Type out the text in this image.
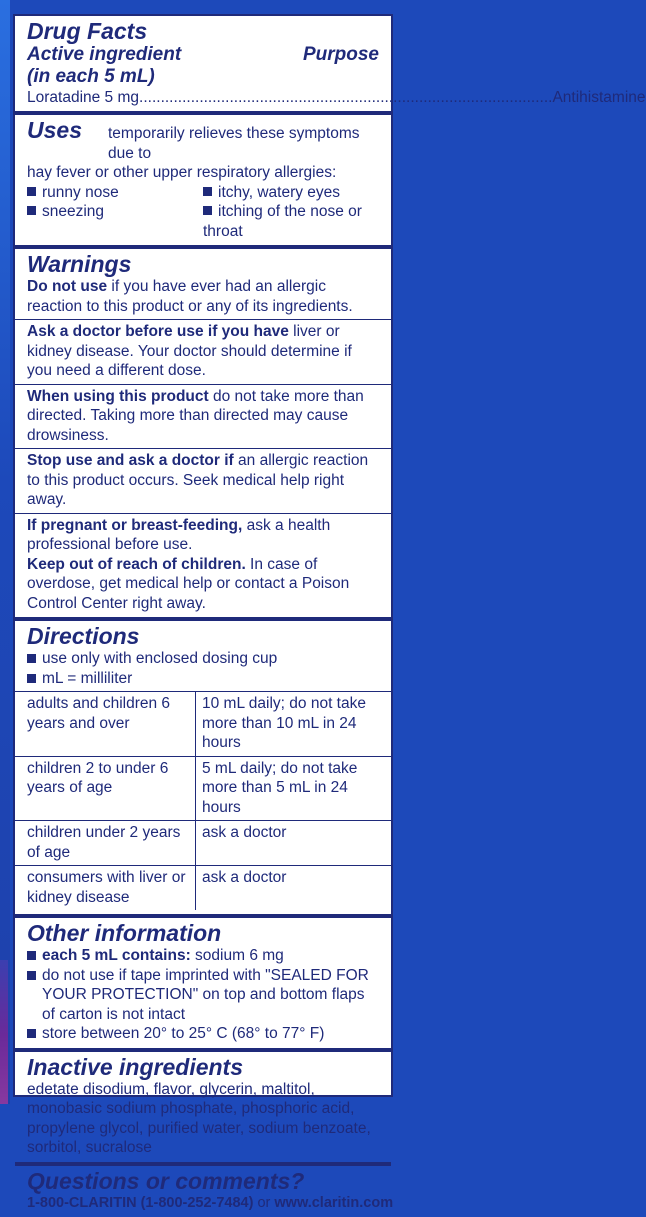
Drug Facts
Active ingredient	Purpose
(in each 5 mL)
Loratadine 5 mg .....	Antihistamine
Uses temporarily relieves these symptoms due to
hay fever or other upper respiratory allergies:
runny nose	itchy, watery eyes
sneezing	itching of the nose or throat
Warnings
Do not use if you have ever had an allergic reaction to this product or any of its ingredients.
Ask a doctor before use if you have liver or kidney disease. Your doctor should determine if you need a different dose.
When using this product do not take more than directed. Taking more than directed may cause drowsiness.
Stop use and ask a doctor if an allergic reaction to this product occurs. Seek medical help right away.
If pregnant or breast-feeding, ask a health professional before use.
Keep out of reach of children. In case of overdose, get medical help or contact a Poison Control Center right away.
Directions
use only with enclosed dosing cup
mL = milliliter
adults and children 6 years and over	10 mL daily; do not take more than 10 mL in 24 hours
children 2 to under 6 years of age	5 mL daily; do not take more than 5 mL in 24 hours
children under 2 years of age	ask a doctor
consumers with liver or kidney disease	ask a doctor
Other information
each 5 mL contains: sodium 6 mg
do not use if tape imprinted with "SEALED FOR YOUR PROTECTION" on top and bottom flaps of carton is not intact
store between 20° to 25° C (68° to 77° F)
Inactive ingredients
edetate disodium, flavor, glycerin, maltitol, monobasic sodium phosphate, phosphoric acid, propylene glycol, purified water, sodium benzoate, sorbitol, sucralose
Questions or comments?
1-800-CLARITIN (1-800-252-7484) or www.claritin.com
